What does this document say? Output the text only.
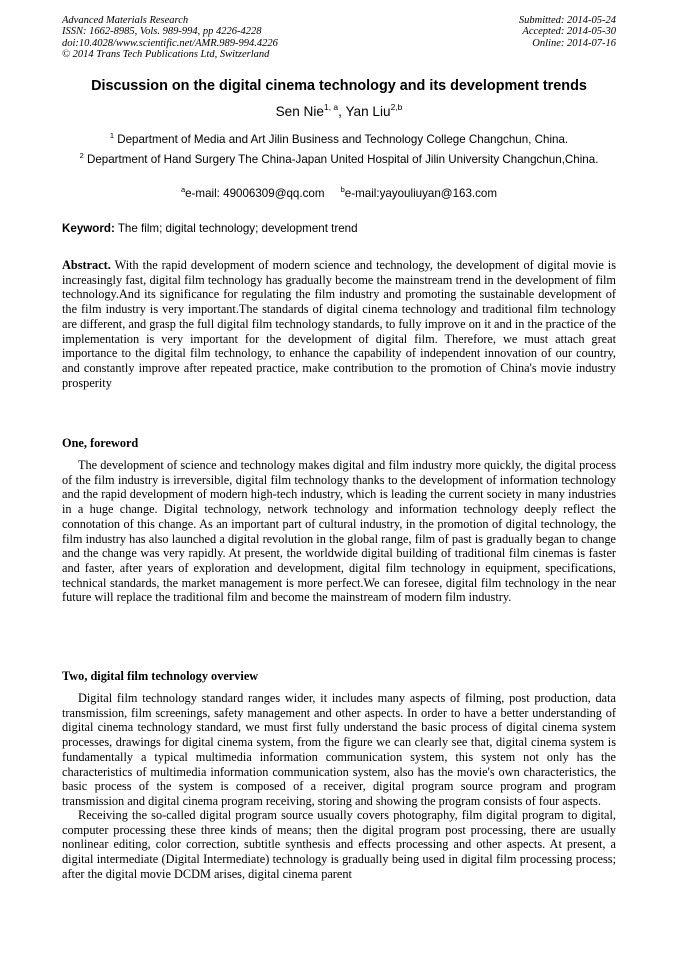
Advanced Materials Research
ISSN: 1662-8985, Vols. 989-994, pp 4226-4228
doi:10.4028/www.scientific.net/AMR.989-994.4226
© 2014 Trans Tech Publications Ltd, Switzerland
Submitted: 2014-05-24
Accepted: 2014-05-30
Online: 2014-07-16
Discussion on the digital cinema technology and its development trends
Sen Nie$^{1, a}$, Yan Liu$^{2,b}$
$^1$ Department of Media and Art Jilin Business and Technology College Changchun, China.
$^2$ Department of Hand Surgery The China-Japan United Hospital of Jilin University Changchun,China.
$^a$e-mail: 49006309@qq.com $^b$e-mail:yayouliuyan@163.com
Keyword: The film; digital technology; development trend
Abstract. With the rapid development of modern science and technology, the development of digital movie is increasingly fast, digital film technology has gradually become the mainstream trend in the development of film technology.And its significance for regulating the film industry and promoting the sustainable development of the film industry is very important.The standards of digital cinema technology and traditional film technology are different, and grasp the full digital film technology standards, to fully improve on it and in the practice of the implementation is very important for the development of digital film. Therefore, we must attach great importance to the digital film technology, to enhance the capability of independent innovation of our country, and constantly improve after repeated practice, make contribution to the promotion of China's movie industry prosperity
One, foreword
The development of science and technology makes digital and film industry more quickly, the digital process of the film industry is irreversible, digital film technology thanks to the development of information technology and the rapid development of modern high-tech industry, which is leading the current society in many industries in a huge change. Digital technology, network technology and information technology deeply reflect the connotation of this change. As an important part of cultural industry, in the promotion of digital technology, the film industry has also launched a digital revolution in the global range, film of past is gradually began to change and the change was very rapidly. At present, the worldwide digital building of traditional film cinemas is faster and faster, after years of exploration and development, digital film technology in equipment, specifications, technical standards, the market management is more perfect.We can foresee, digital film technology in the near future will replace the traditional film and become the mainstream of modern film industry.
Two, digital film technology overview
Digital film technology standard ranges wider, it includes many aspects of filming, post production, data transmission, film screenings, safety management and other aspects. In order to have a better understanding of digital cinema technology standard, we must first fully understand the basic process of digital cinema system processes, drawings for digital cinema system, from the figure we can clearly see that, digital cinema system is fundamentally a typical multimedia information communication system, this system not only has the characteristics of multimedia information communication system, also has the movie's own characteristics, the basic process of the system is composed of a receiver, digital program source program and program transmission and digital cinema program receiving, storing and showing the program consists of four aspects.
Receiving the so-called digital program source usually covers photography, film digital program to digital, computer processing these three kinds of means; then the digital program post processing, there are usually nonlinear editing, color correction, subtitle synthesis and effects processing and other aspects. At present, a digital intermediate (Digital Intermediate) technology is gradually being used in digital film processing process; after the digital movie DCDM arises, digital cinema parent
